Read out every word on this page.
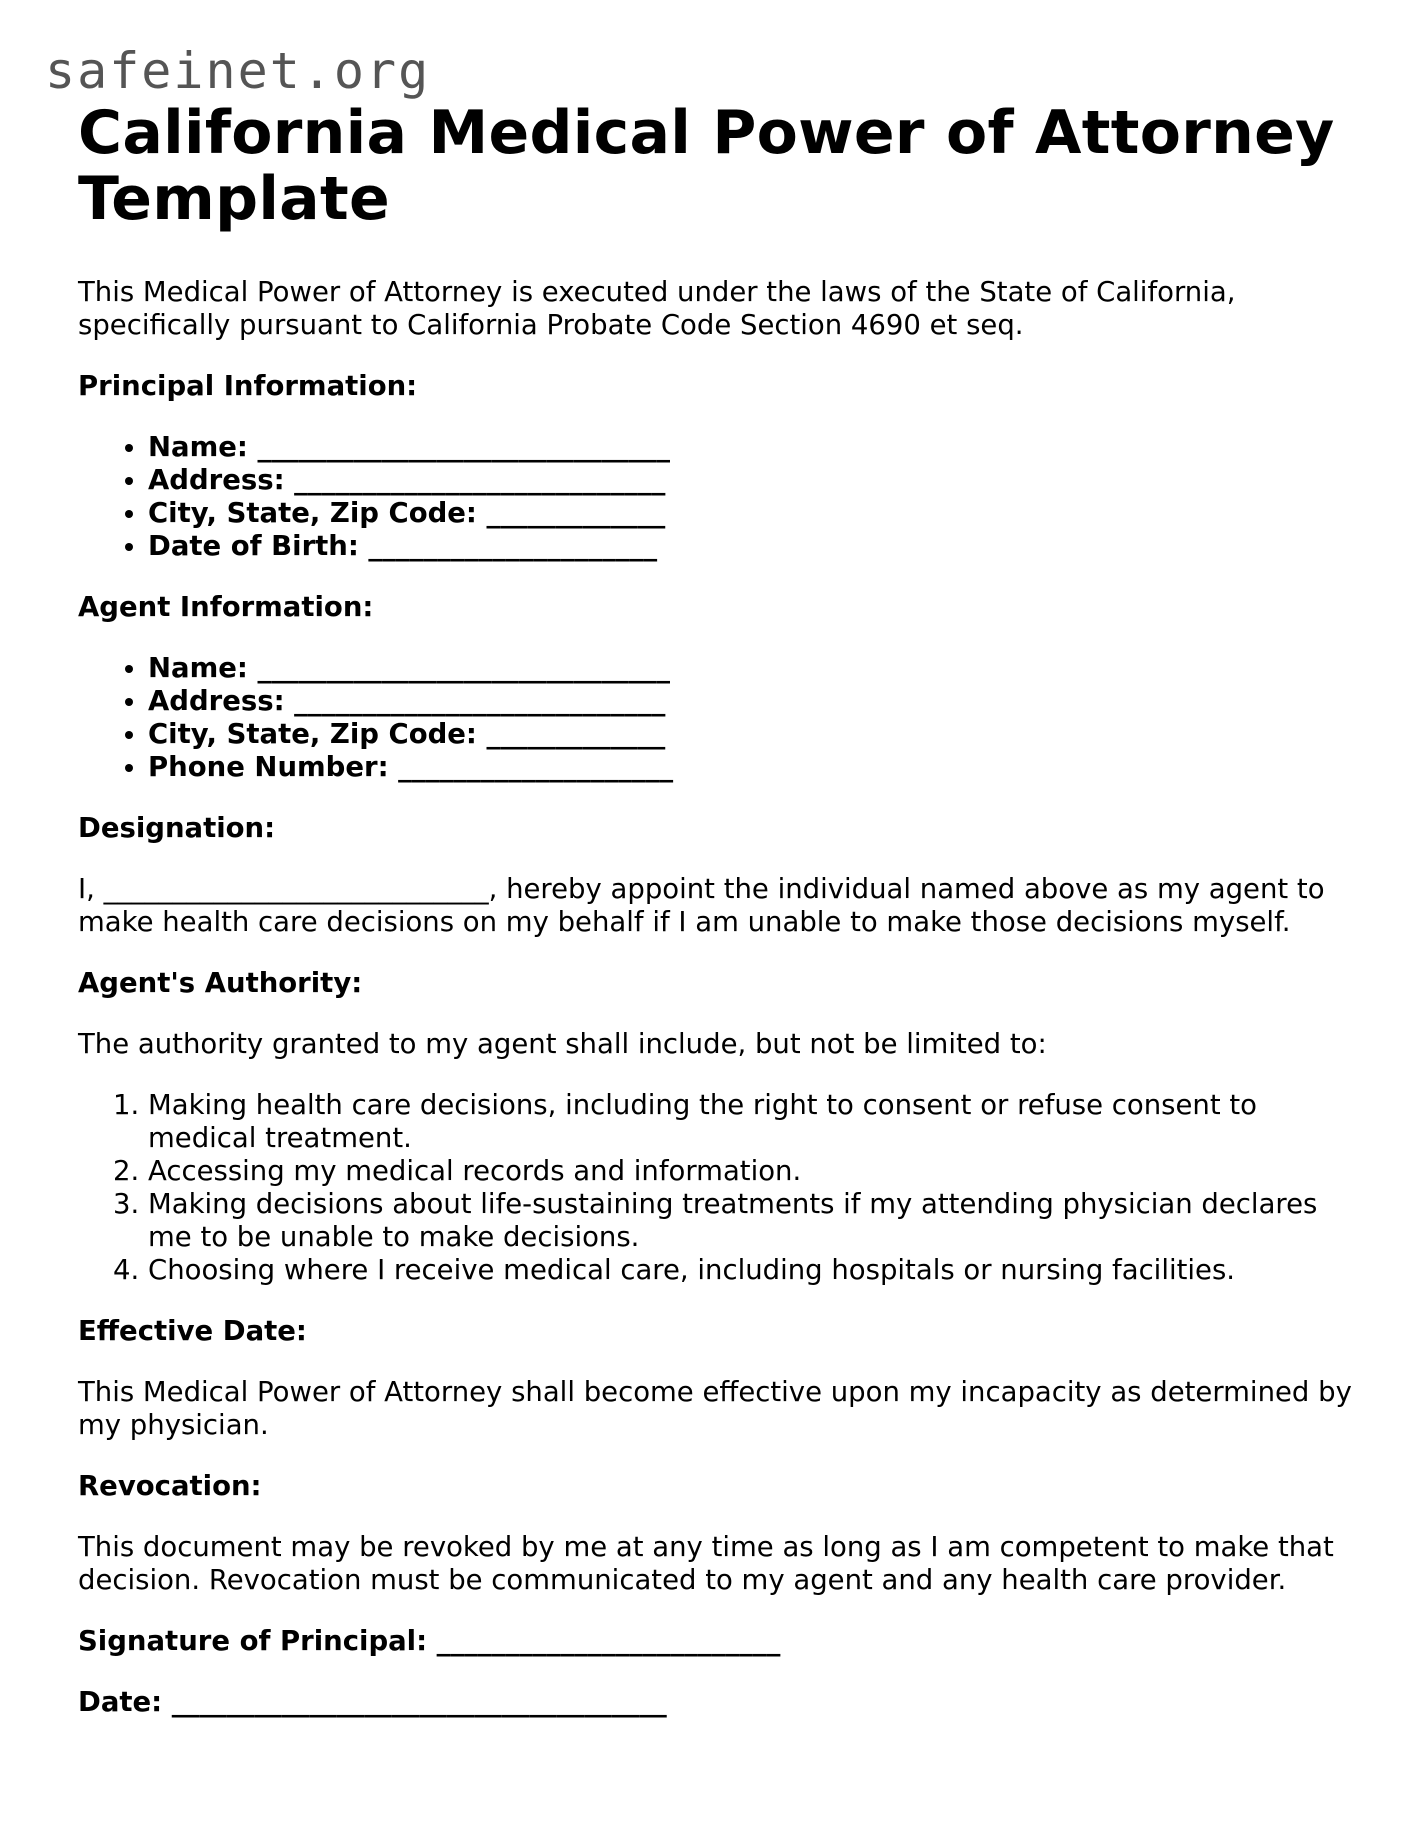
safeinet.org
California Medical Power of Attorney Template

This Medical Power of Attorney is executed under the laws of the State of California, specifically pursuant to California Probate Code Section 4690 et seq.

Principal Information:

• Name: ______________________________
• Address: ___________________________
• City, State, Zip Code: _____________
• Date of Birth: _____________________

Agent Information:

• Name: ______________________________
• Address: ___________________________
• City, State, Zip Code: _____________
• Phone Number: ____________________

Designation:

I, ____________________________, hereby appoint the individual named above as my agent to make health care decisions on my behalf if I am unable to make those decisions myself.

Agent's Authority:

The authority granted to my agent shall include, but not be limited to:

1. Making health care decisions, including the right to consent or refuse consent to medical treatment.
2. Accessing my medical records and information.
3. Making decisions about life-sustaining treatments if my attending physician declares me to be unable to make decisions.
4. Choosing where I receive medical care, including hospitals or nursing facilities.

Effective Date:

This Medical Power of Attorney shall become effective upon my incapacity as determined by my physician.

Revocation:

This document may be revoked by me at any time as long as I am competent to make that decision. Revocation must be communicated to my agent and any health care provider.

Signature of Principal: _________________________

Date: ____________________________________
